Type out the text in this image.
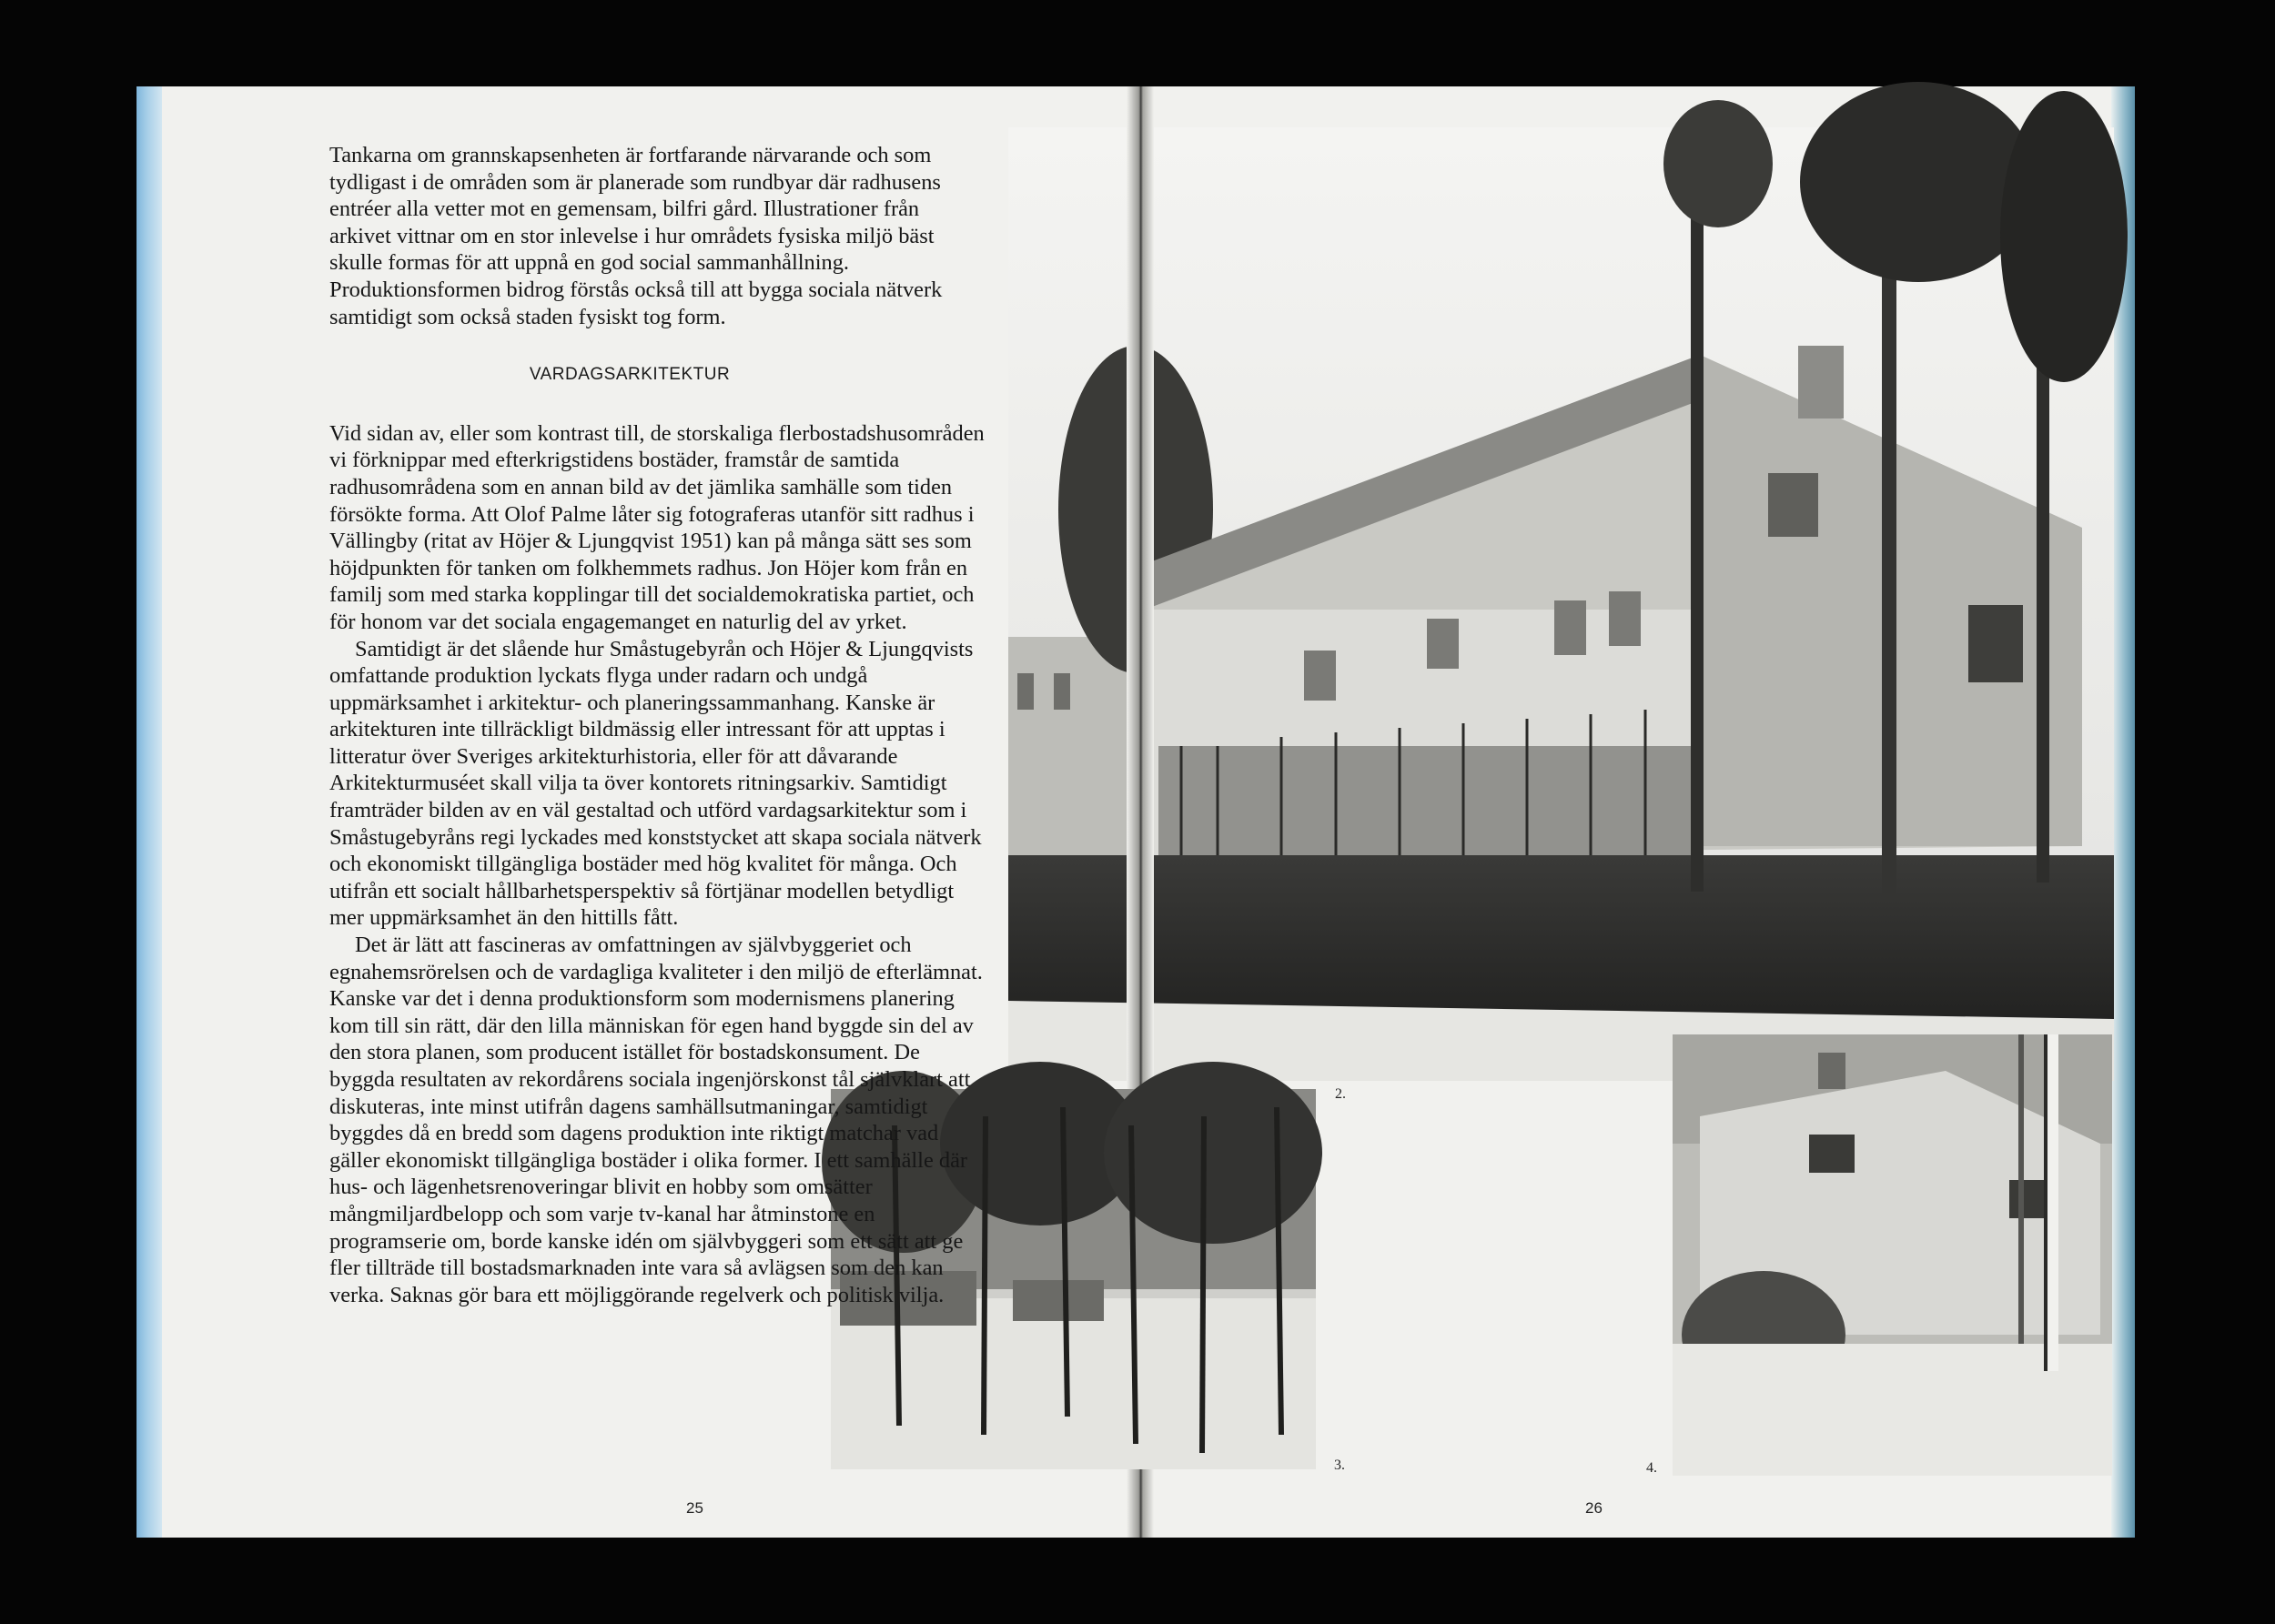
2.
3.	4.

Tankarna om grannskapsenheten är fortfarande närvarande och som tydligast i de områden som är planerade som rundbyar där radhusens entréer alla vetter mot en gemensam, bilfri gård. Illustrationer från arkivet vittnar om en stor inlevelse i hur områdets fysiska miljö bäst skulle formas för att uppnå en god social sammanhållning. Produktionsformen bidrog förstås också till att bygga sociala nätverk samtidigt som också staden fysiskt tog form.

VARDAGSARKITEKTUR

Vid sidan av, eller som kontrast till, de storskaliga flerbostadshusområden vi förknippar med efterkrigstidens bostäder, framstår de samtida radhusområdena som en annan bild av det jämlika samhälle som tiden försökte forma. Att Olof Palme låter sig fotograferas utanför sitt radhus i Vällingby (ritat av Höjer & Ljungqvist 1951) kan på många sätt ses som höjdpunkten för tanken om folkhemmets radhus. Jon Höjer kom från en familj som med starka kopplingar till det socialdemokratiska partiet, och för honom var det sociala engagemanget en naturlig del av yrket.

Samtidigt är det slående hur Småstugebyrån och Höjer & Ljungqvists omfattande produktion lyckats flyga under radarn och undgå uppmärksamhet i arkitektur- och planeringssammanhang. Kanske är arkitekturen inte tillräckligt bildmässig eller intressant för att upptas i litteratur över Sveriges arkitekturhistoria, eller för att dåvarande Arkitekturmuséet skall vilja ta över kontorets ritningsarkiv. Samtidigt framträder bilden av en väl gestaltad och utförd vardagsarkitektur som i Småstugebyråns regi lyckades med konststycket att skapa sociala nätverk och ekonomiskt tillgängliga bostäder med hög kvalitet för många. Och utifrån ett socialt hållbarhetsperspektiv så förtjänar modellen betydligt mer uppmärksamhet än den hittills fått.

Det är lätt att fascineras av omfattningen av självbyggeriet och egnahemsrörelsen och de vardagliga kvaliteter i den miljö de efterlämnat. Kanske var det i denna produktionsform som modernismens planering kom till sin rätt, där den lilla människan för egen hand byggde sin del av den stora planen, som producent istället för bostadskonsument. De byggda resultaten av rekordårens sociala ingenjörskonst tål självklart att diskuteras, inte minst utifrån dagens samhällsutmaningar, samtidigt byggdes då en bredd som dagens produktion inte riktigt matchar vad gäller ekonomiskt tillgängliga bostäder i olika former. I ett samhälle där hus- och lägenhetsrenoveringar blivit en hobby som omsätter mångmiljardbelopp och som varje tv-kanal har åtminstone en programserie om, borde kanske idén om självbyggeri som ett sätt att ge fler tillträde till bostadsmarknaden inte vara så avlägsen som den kan verka. Saknas gör bara ett möjliggörande regelverk och politisk vilja.

25	26
